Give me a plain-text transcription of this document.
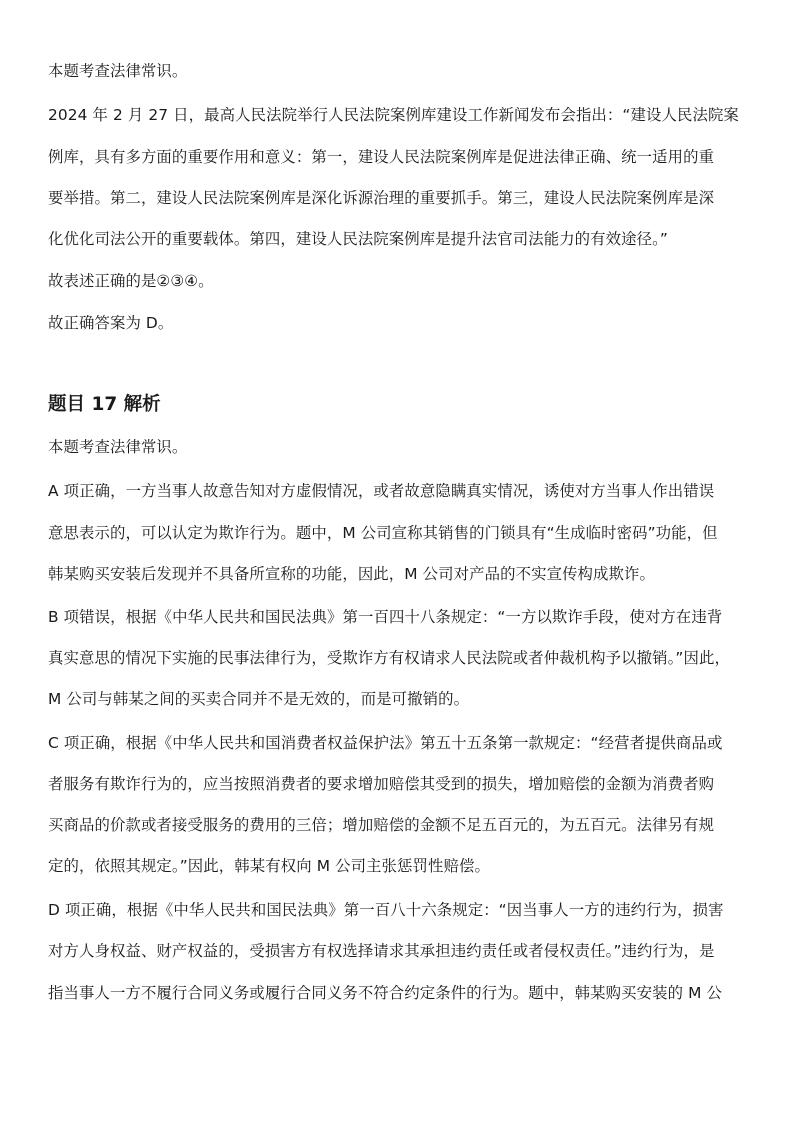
本题考查法律常识。
2024 年 2 月 27 日，最高人民法院举行人民法院案例库建设工作新闻发布会指出：“建设人民法院案
例库，具有多方面的重要作用和意义：第一，建设人民法院案例库是促进法律正确、统一适用的重
要举措。第二，建设人民法院案例库是深化诉源治理的重要抓手。第三，建设人民法院案例库是深
化优化司法公开的重要载体。第四，建设人民法院案例库是提升法官司法能力的有效途径。”
故表述正确的是②③④。
故正确答案为 D。
题目 17 解析
本题考查法律常识。
A 项正确，一方当事人故意告知对方虚假情况，或者故意隐瞒真实情况，诱使对方当事人作出错误
意思表示的，可以认定为欺诈行为。题中，M 公司宣称其销售的门锁具有“生成临时密码”功能，但
韩某购买安装后发现并不具备所宣称的功能，因此，M 公司对产品的不实宣传构成欺诈。
B 项错误，根据《中华人民共和国民法典》第一百四十八条规定：“一方以欺诈手段，使对方在违背
真实意思的情况下实施的民事法律行为，受欺诈方有权请求人民法院或者仲裁机构予以撤销。”因此，
M 公司与韩某之间的买卖合同并不是无效的，而是可撤销的。
C 项正确，根据《中华人民共和国消费者权益保护法》第五十五条第一款规定：“经营者提供商品或
者服务有欺诈行为的，应当按照消费者的要求增加赔偿其受到的损失，增加赔偿的金额为消费者购
买商品的价款或者接受服务的费用的三倍；增加赔偿的金额不足五百元的，为五百元。法律另有规
定的，依照其规定。”因此，韩某有权向 M 公司主张惩罚性赔偿。
D 项正确，根据《中华人民共和国民法典》第一百八十六条规定：“因当事人一方的违约行为，损害
对方人身权益、财产权益的，受损害方有权选择请求其承担违约责任或者侵权责任。”违约行为，是
指当事人一方不履行合同义务或履行合同义务不符合约定条件的行为。题中，韩某购买安装的 M 公
